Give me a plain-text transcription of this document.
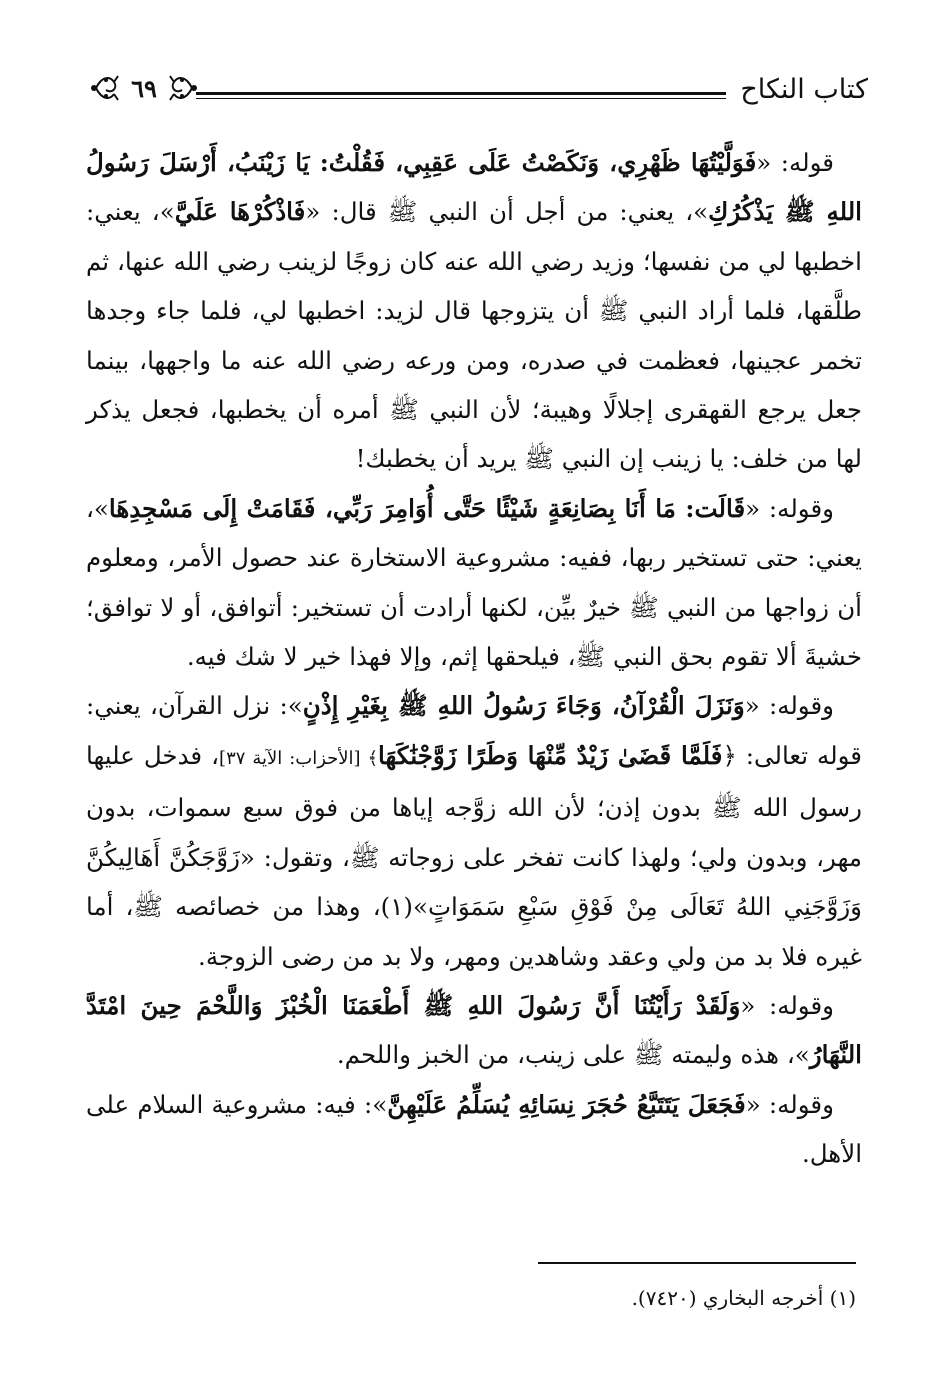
كتاب النكاح
٦٩

قوله: «فَوَلَّيْتُهَا ظَهْرِي، وَنَكَصْتُ عَلَى عَقِبِي، فَقُلْتُ: يَا زَيْنَبُ، أَرْسَلَ رَسُولُ اللهِ ﷺ يَذْكُرُكِ»، يعني: من أجل أن النبي ﷺ قال: «فَاذْكُرْهَا عَلَيَّ»، يعني: اخطبها لي من نفسها؛ وزيد رضي الله عنه كان زوجًا لزينب رضي الله عنها، ثم طلَّقها، فلما أراد النبي ﷺ أن يتزوجها قال لزيد: اخطبها لي، فلما جاء وجدها تخمر عجينها، فعظمت في صدره، ومن ورعه رضي الله عنه ما واجهها، بينما جعل يرجع القهقرى إجلالًا وهيبة؛ لأن النبي ﷺ أمره أن يخطبها، فجعل يذكر لها من خلف: يا زينب إن النبي ﷺ يريد أن يخطبك!

وقوله: «قَالَت: مَا أَنَا بِصَانِعَةٍ شَيْئًا حَتَّى أُوَامِرَ رَبِّي، فَقَامَتْ إِلَى مَسْجِدِهَا»، يعني: حتى تستخير ربها، ففيه: مشروعية الاستخارة عند حصول الأمر، ومعلوم أن زواجها من النبي ﷺ خيرٌ بيِّن، لكنها أرادت أن تستخير: أتوافق، أو لا توافق؛ خشيةَ ألا تقوم بحق النبي ﷺ، فيلحقها إثم، وإلا فهذا خير لا شك فيه.

وقوله: «وَنَزَلَ الْقُرْآنُ، وَجَاءَ رَسُولُ اللهِ ﷺ بِغَيْرِ إِذْنٍ»: نزل القرآن، يعني: قوله تعالى: ﴿فَلَمَّا قَضَىٰ زَيْدٌ مِّنْهَا وَطَرًا زَوَّجْنَٰكَهَا﴾ [الأحزاب: الآية ٣٧]، فدخل عليها رسول الله ﷺ بدون إذن؛ لأن الله زوَّجه إياها من فوق سبع سموات، بدون مهر، وبدون ولي؛ ولهذا كانت تفخر على زوجاته ﷺ، وتقول: «زَوَّجَكُنَّ أَهَالِيكُنَّ وَزَوَّجَنِي اللهُ تَعَالَى مِنْ فَوْقِ سَبْعِ سَمَوَاتٍ»(١)، وهذا من خصائصه ﷺ، أما غيره فلا بد من ولي وعقد وشاهدين ومهر، ولا بد من رضى الزوجة.

وقوله: «وَلَقَدْ رَأَيْتُنَا أَنَّ رَسُولَ اللهِ ﷺ أَطْعَمَنَا الْخُبْزَ وَاللَّحْمَ حِينَ امْتَدَّ النَّهَارُ»، هذه وليمته ﷺ على زينب، من الخبز واللحم.

وقوله: «فَجَعَلَ يَتَتَبَّعُ حُجَرَ نِسَائِهِ يُسَلِّمُ عَلَيْهِنَّ»: فيه: مشروعية السلام على الأهل.

(١) أخرجه البخاري (٧٤٢٠).
